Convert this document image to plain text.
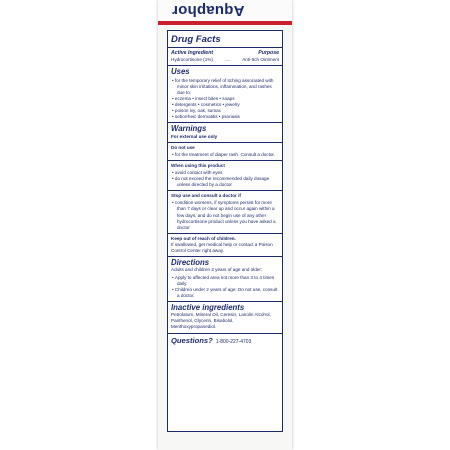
Aquaphor
Drug Facts
Active Ingredient	Purpose
Hydrocortisone (1%) ..... Anti-Itch Ointment
Uses
• for the temporary relief of itching associated with minor skin irritations, inflammation, and rashes due to:
• eczema • insect bites • soaps
• detergents • cosmetics • jewelry
• poison ivy, oak, sumac
• seborrheic dermatitis • psoriasis
Warnings
For external use only
Do not use
• for the treatment of diaper rash. Consult a doctor.
When using this product
• avoid contact with eyes
• do not exceed the recommended daily dosage unless directed by a doctor
Stop use and consult a doctor if
• condition worsens, if symptoms persist for more than 7 days or clear up and occur again within a few days, and do not begin use of any other hydrocortisone product unless you have asked a doctor
Keep out of reach of children.
If swallowed, get medical help or contact a Poison Control Center right away.
Directions
Adults and children 2 years of age and older:
• Apply to affected area not more than 3 to 4 times daily.
• Children under 2 years of age: Do not use, consult a doctor.
Inactive ingredients
Petrolatum, Mineral Oil, Ceresin, Lanolin Alcohol, Panthenol, Glycerin, Bisabolol, Menthoxypropanediol.
Questions? 1-800-227-4703
